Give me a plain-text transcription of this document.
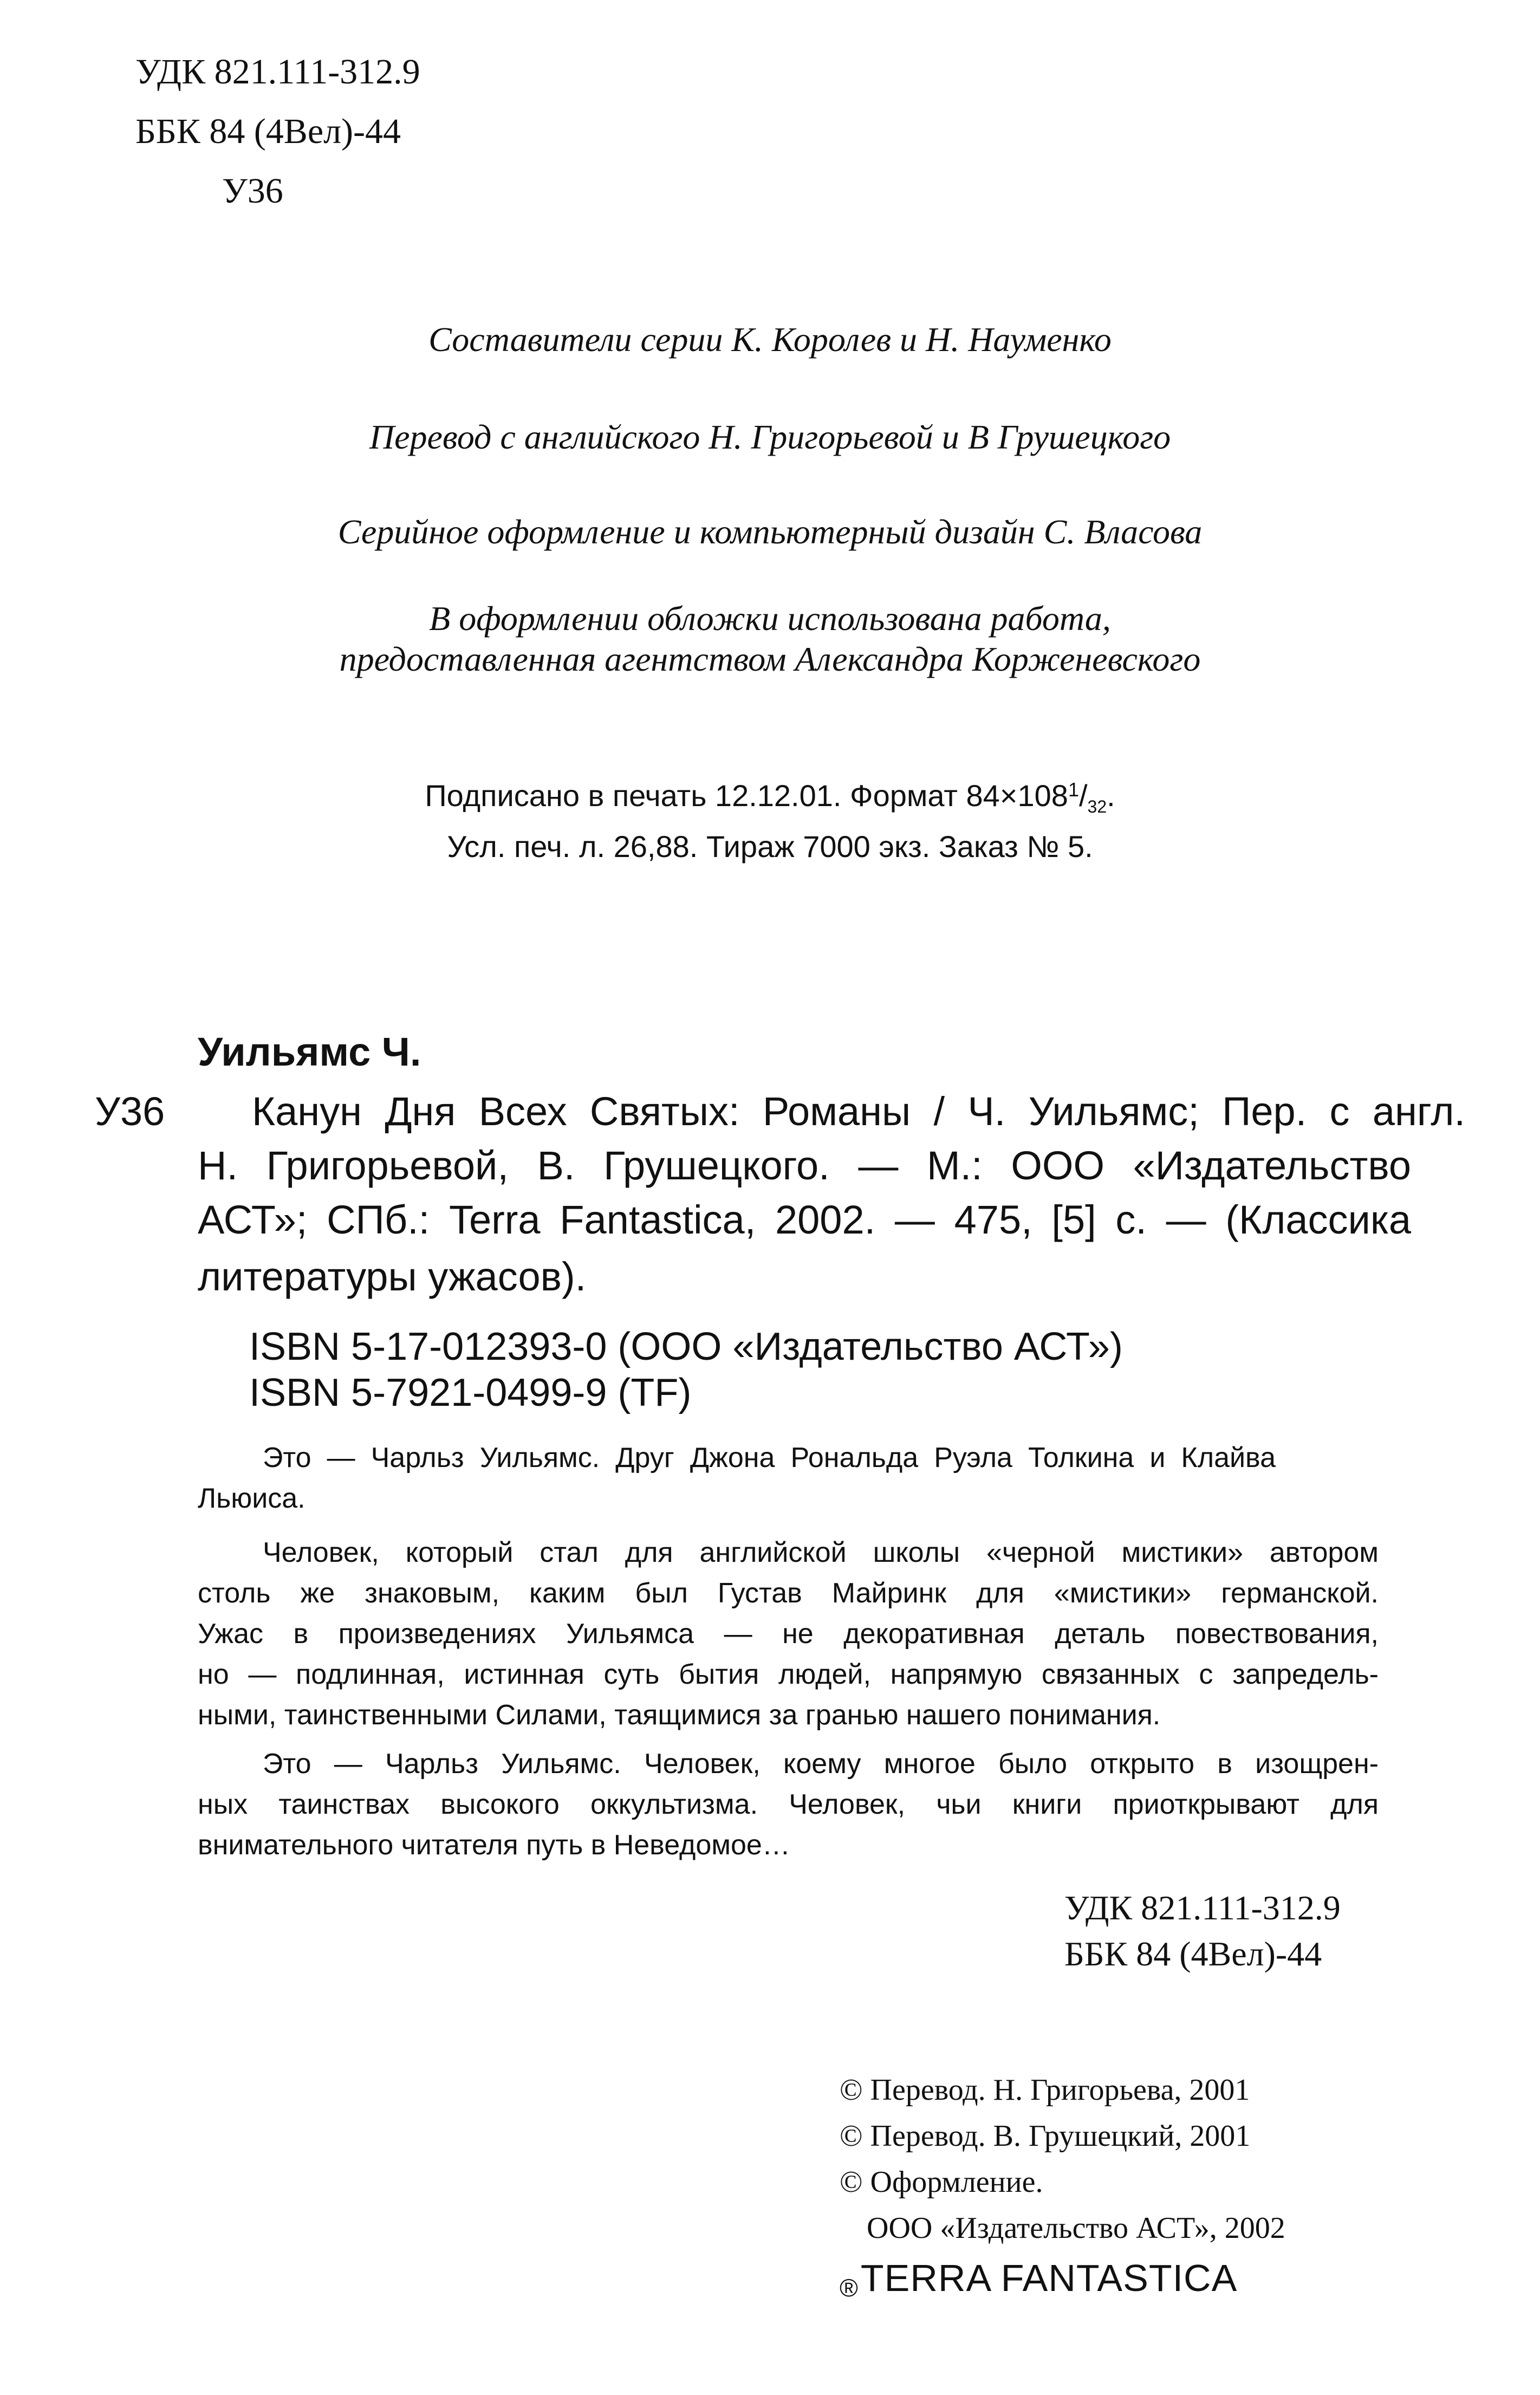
УДК 821.111-312.9
ББК 84 (4Вел)-44
У36
Составители серии К. Королев и Н. Науменко
Перевод с английского Н. Григорьевой и В Грушецкого
Серийное оформление и компьютерный дизайн С. Власова
В оформлении обложки использована работа,
предоставленная агентством Александра Корженевского
Подписано в печать 12.12.01. Формат $84\times 108^1/_{32}$.
Усл. печ. л. 26,88. Тираж 7000 экз. Заказ № 5.
Уильямс Ч.
У36 Канун Дня Всех Святых: Романы / Ч. Уильямс; Пер. с англ.
Н. Григорьевой, В. Грушецкого. — М.: ООО «Издательство
АСТ»; СПб.: Terra Fantastica, 2002. — 475, [5] с. — (Классика
литературы ужасов).
ISBN 5-17-012393-0 (ООО «Издательство АСТ»)
ISBN 5-7921-0499-9 (TF)
Это — Чарльз Уильямс. Друг Джона Рональда Руэла Толкина и Клайва
Льюиса.
Человек, который стал для английской школы «черной мистики» автором
столь же знаковым, каким был Густав Майринк для «мистики» германской.
Ужас в произведениях Уильямса — не декоративная деталь повествования,
но — подлинная, истинная суть бытия людей, напрямую связанных с запредель-
ными, таинственными Силами, таящимися за гранью нашего понимания.
Это — Чарльз Уильямс. Человек, коему многое было открыто в изощрен-
ных таинствах высокого оккультизма. Человек, чьи книги приоткрывают для
внимательного читателя путь в Неведомое…
УДК 821.111-312.9
ББК 84 (4Вел)-44
© Перевод. Н. Григорьева, 2001
© Перевод. В. Грушецкий, 2001
© Оформление.
ООО «Издательство АСТ», 2002
®TERRA FANTASTICA
